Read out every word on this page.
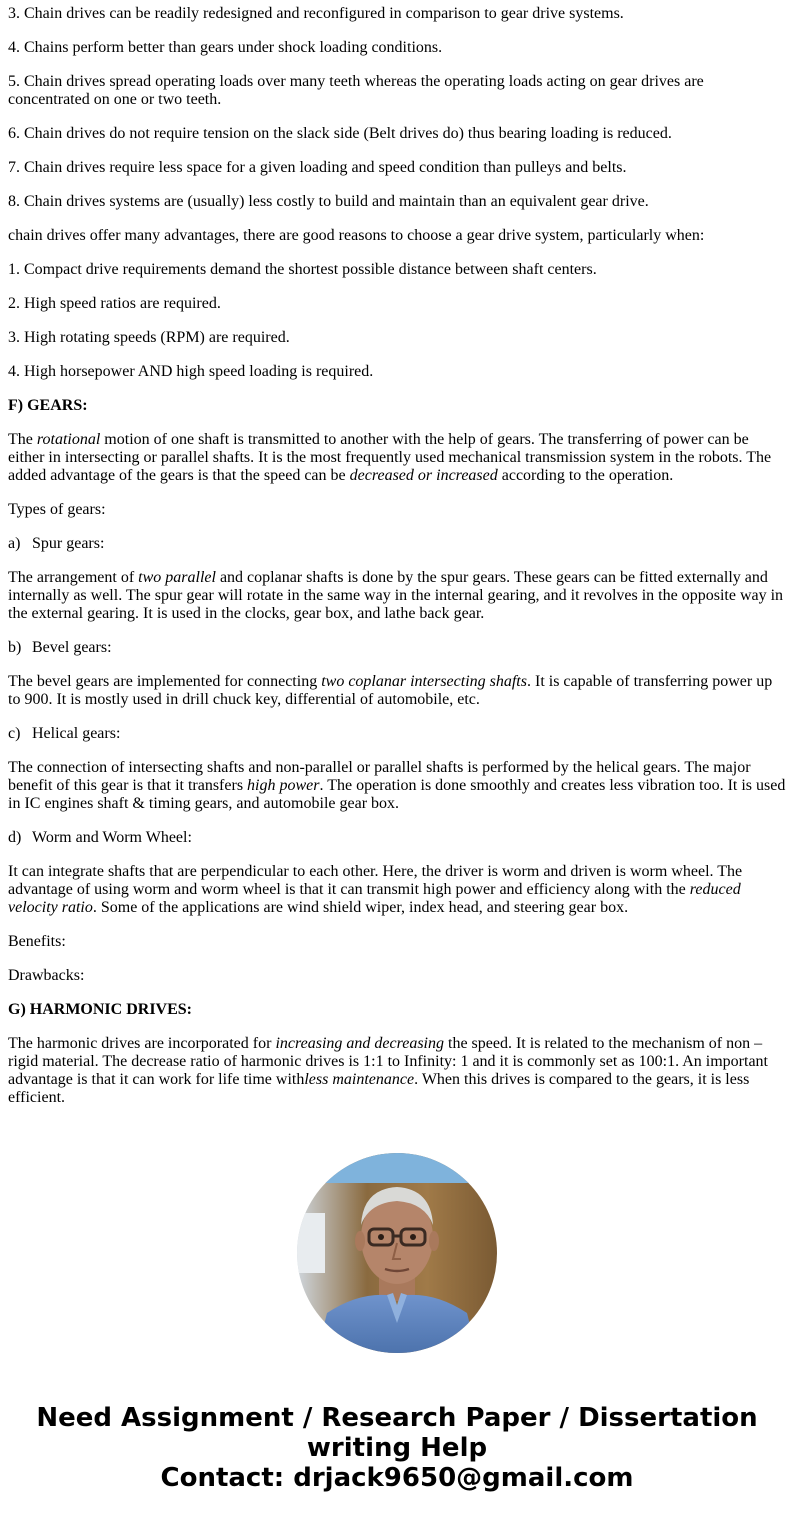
3. Chain drives can be readily redesigned and reconfigured in comparison to gear drive systems.

4. Chains perform better than gears under shock loading conditions.

5. Chain drives spread operating loads over many teeth whereas the operating loads acting on gear drives are concentrated on one or two teeth.

6. Chain drives do not require tension on the slack side (Belt drives do) thus bearing loading is reduced.

7. Chain drives require less space for a given loading and speed condition than pulleys and belts.

8. Chain drives systems are (usually) less costly to build and maintain than an equivalent gear drive.

chain drives offer many advantages, there are good reasons to choose a gear drive system, particularly when:

1. Compact drive requirements demand the shortest possible distance between shaft centers.

2. High speed ratios are required.

3. High rotating speeds (RPM) are required.

4. High horsepower AND high speed loading is required.

F) GEARS:

The rotational motion of one shaft is transmitted to another with the help of gears. The transferring of power can be either in intersecting or parallel shafts. It is the most frequently used mechanical transmission system in the robots. The added advantage of the gears is that the speed can be decreased or increased according to the operation.

Types of gears:

a) Spur gears:

The arrangement of two parallel and coplanar shafts is done by the spur gears. These gears can be fitted externally and internally as well. The spur gear will rotate in the same way in the internal gearing, and it revolves in the opposite way in the external gearing. It is used in the clocks, gear box, and lathe back gear.

b) Bevel gears:

The bevel gears are implemented for connecting two coplanar intersecting shafts. It is capable of transferring power up to 900. It is mostly used in drill chuck key, differential of automobile, etc.

c) Helical gears:

The connection of intersecting shafts and non-parallel or parallel shafts is performed by the helical gears. The major benefit of this gear is that it transfers high power. The operation is done smoothly and creates less vibration too. It is used in IC engines shaft & timing gears, and automobile gear box.

d) Worm and Worm Wheel:

It can integrate shafts that are perpendicular to each other. Here, the driver is worm and driven is worm wheel. The advantage of using worm and worm wheel is that it can transmit high power and efficiency along with the reduced velocity ratio. Some of the applications are wind shield wiper, index head, and steering gear box.

Benefits:

Drawbacks:

G) HARMONIC DRIVES:

The harmonic drives are incorporated for increasing and decreasing the speed. It is related to the mechanism of non – rigid material. The decrease ratio of harmonic drives is 1:1 to Infinity: 1 and it is commonly set as 100:1. An important advantage is that it can work for life time withless maintenance. When this drives is compared to the gears, it is less efficient.

Need Assignment / Research Paper / Dissertation
writing Help
Contact: drjack9650@gmail.com
